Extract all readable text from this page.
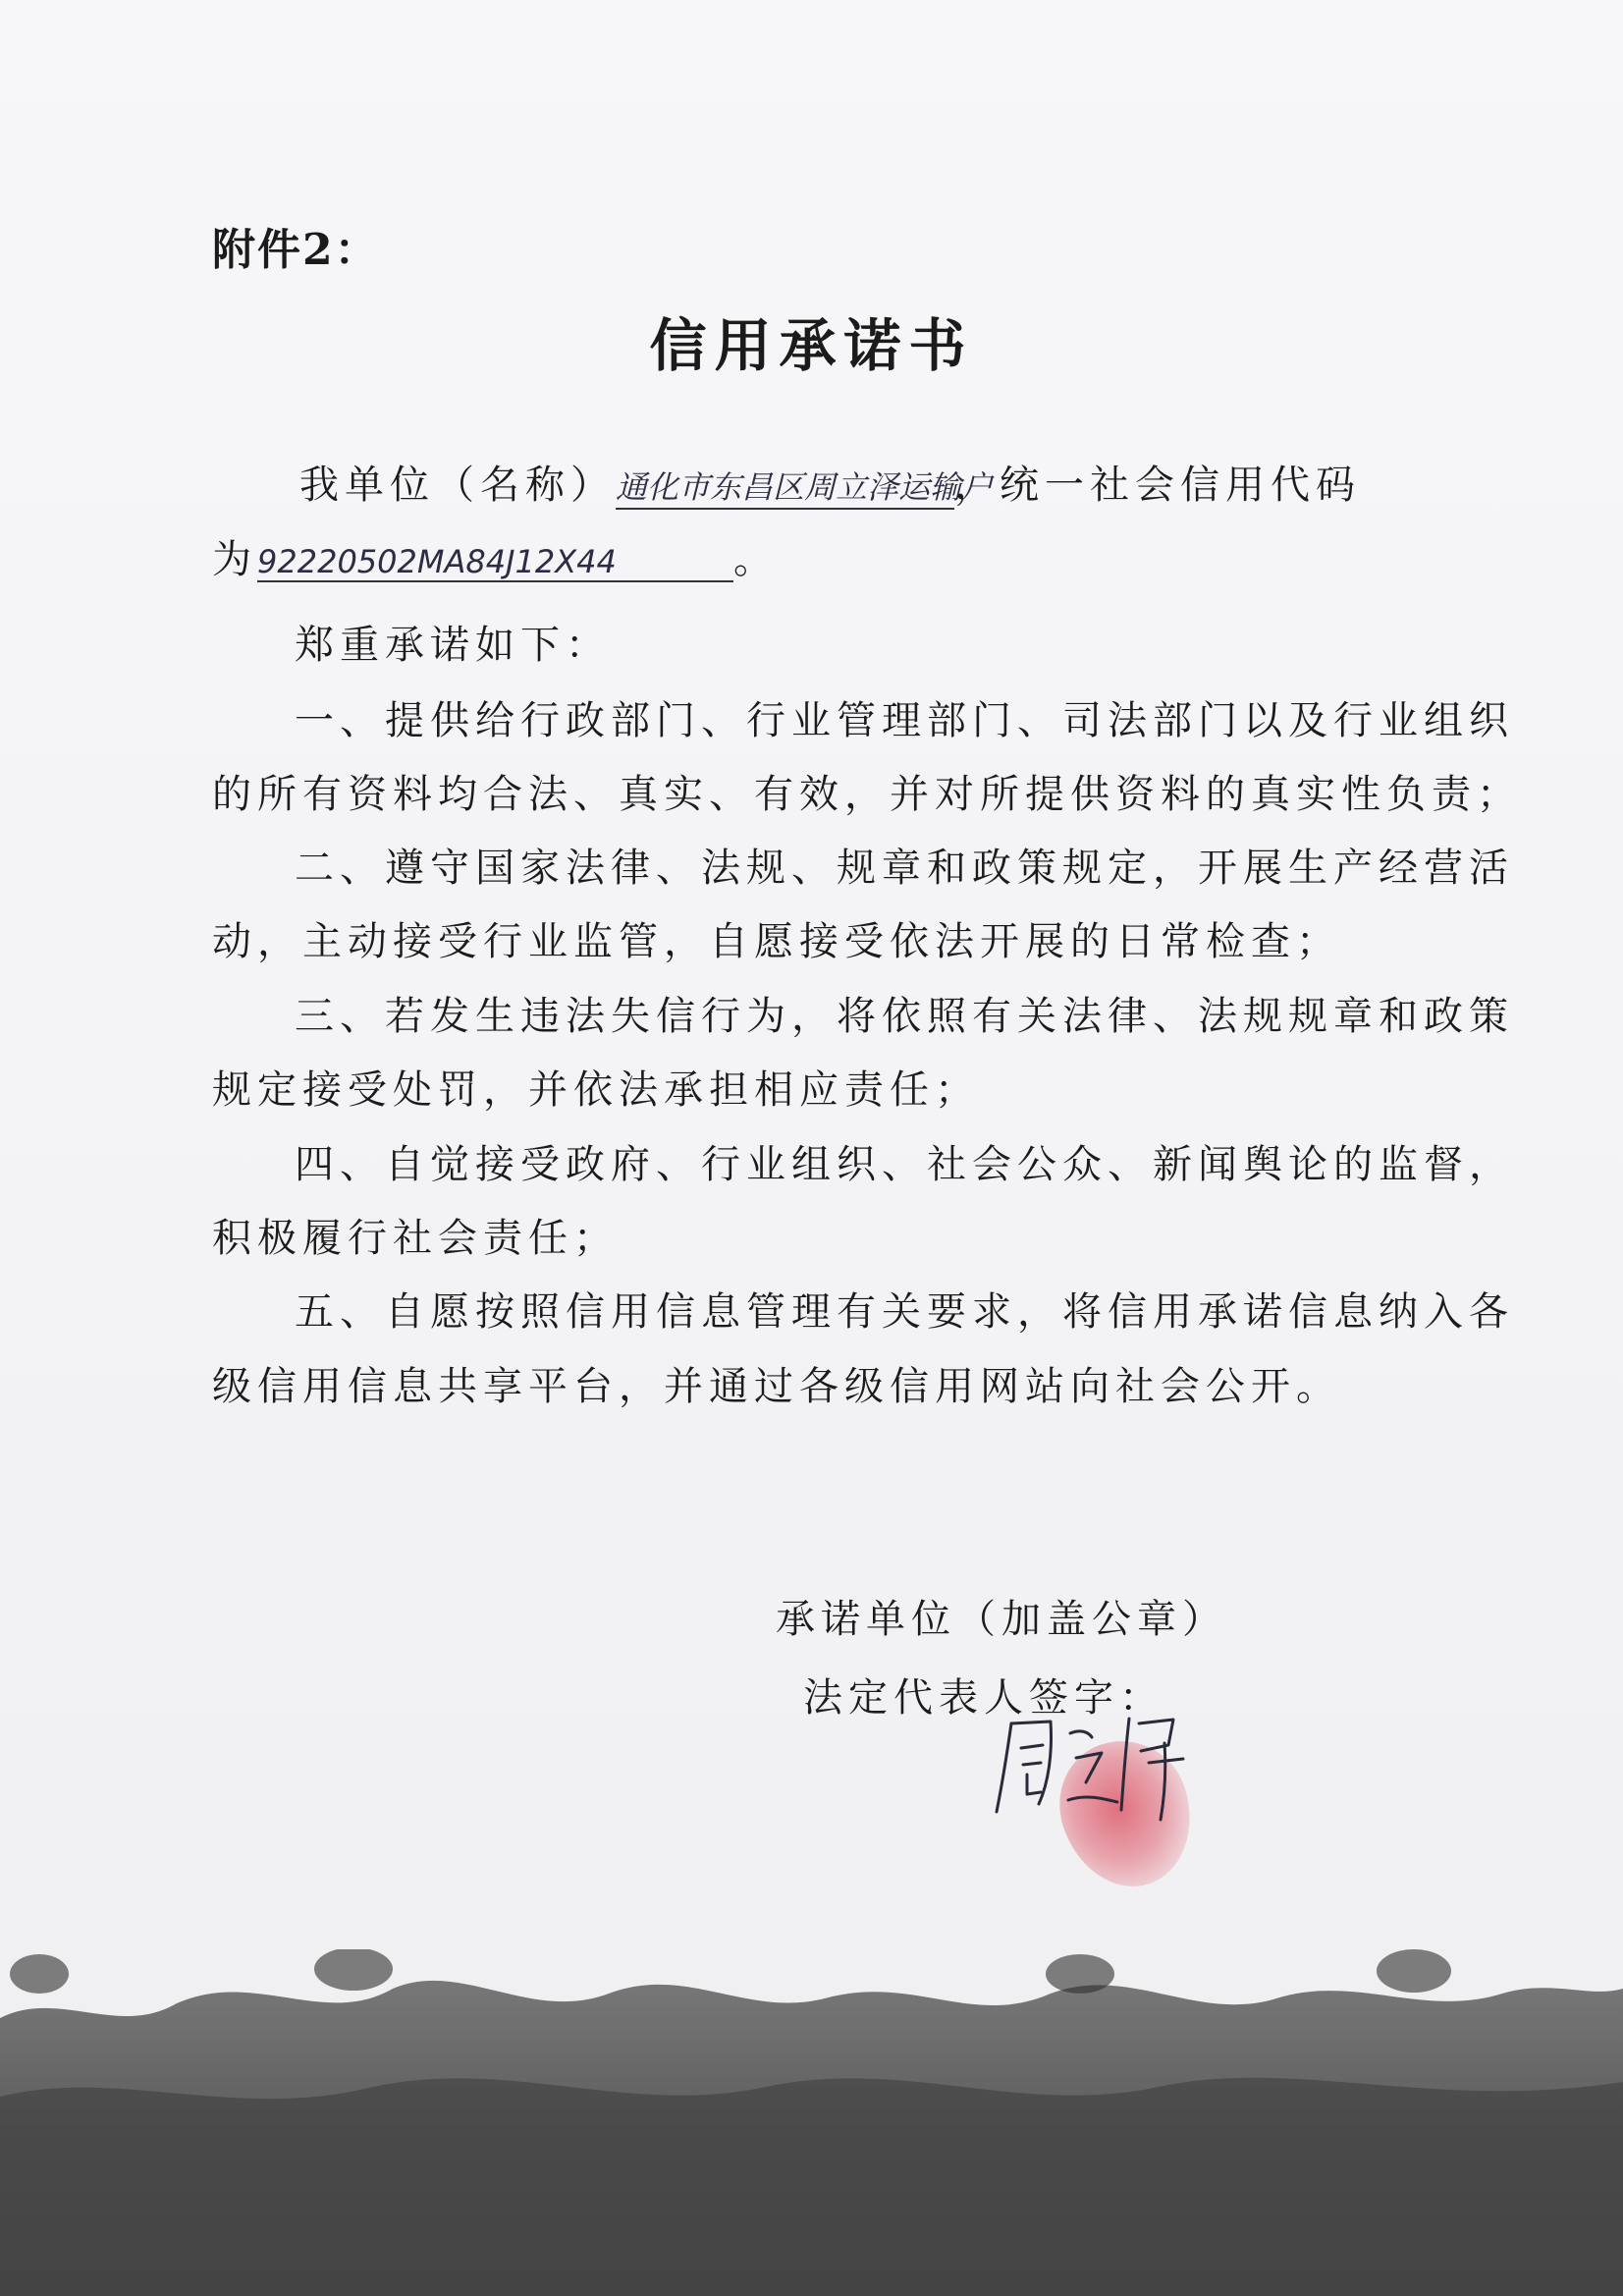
附件2：
信用承诺书
我单位（名称）通化市东昌区周立泽运输户，统一社会信用代码
为92220502MA84J12X44	。
郑重承诺如下：
一、提供给行政部门、行业管理部门、司法部门以及行业组织
的所有资料均合法、真实、有效，并对所提供资料的真实性负责；
二、遵守国家法律、法规、规章和政策规定，开展生产经营活
动，主动接受行业监管，自愿接受依法开展的日常检查；
三、若发生违法失信行为，将依照有关法律、法规规章和政策
规定接受处罚，并依法承担相应责任；
四、自觉接受政府、行业组织、社会公众、新闻舆论的监督，
积极履行社会责任；
五、自愿按照信用信息管理有关要求，将信用承诺信息纳入各
级信用信息共享平台，并通过各级信用网站向社会公开。
承诺单位（加盖公章）
法定代表人签字：
